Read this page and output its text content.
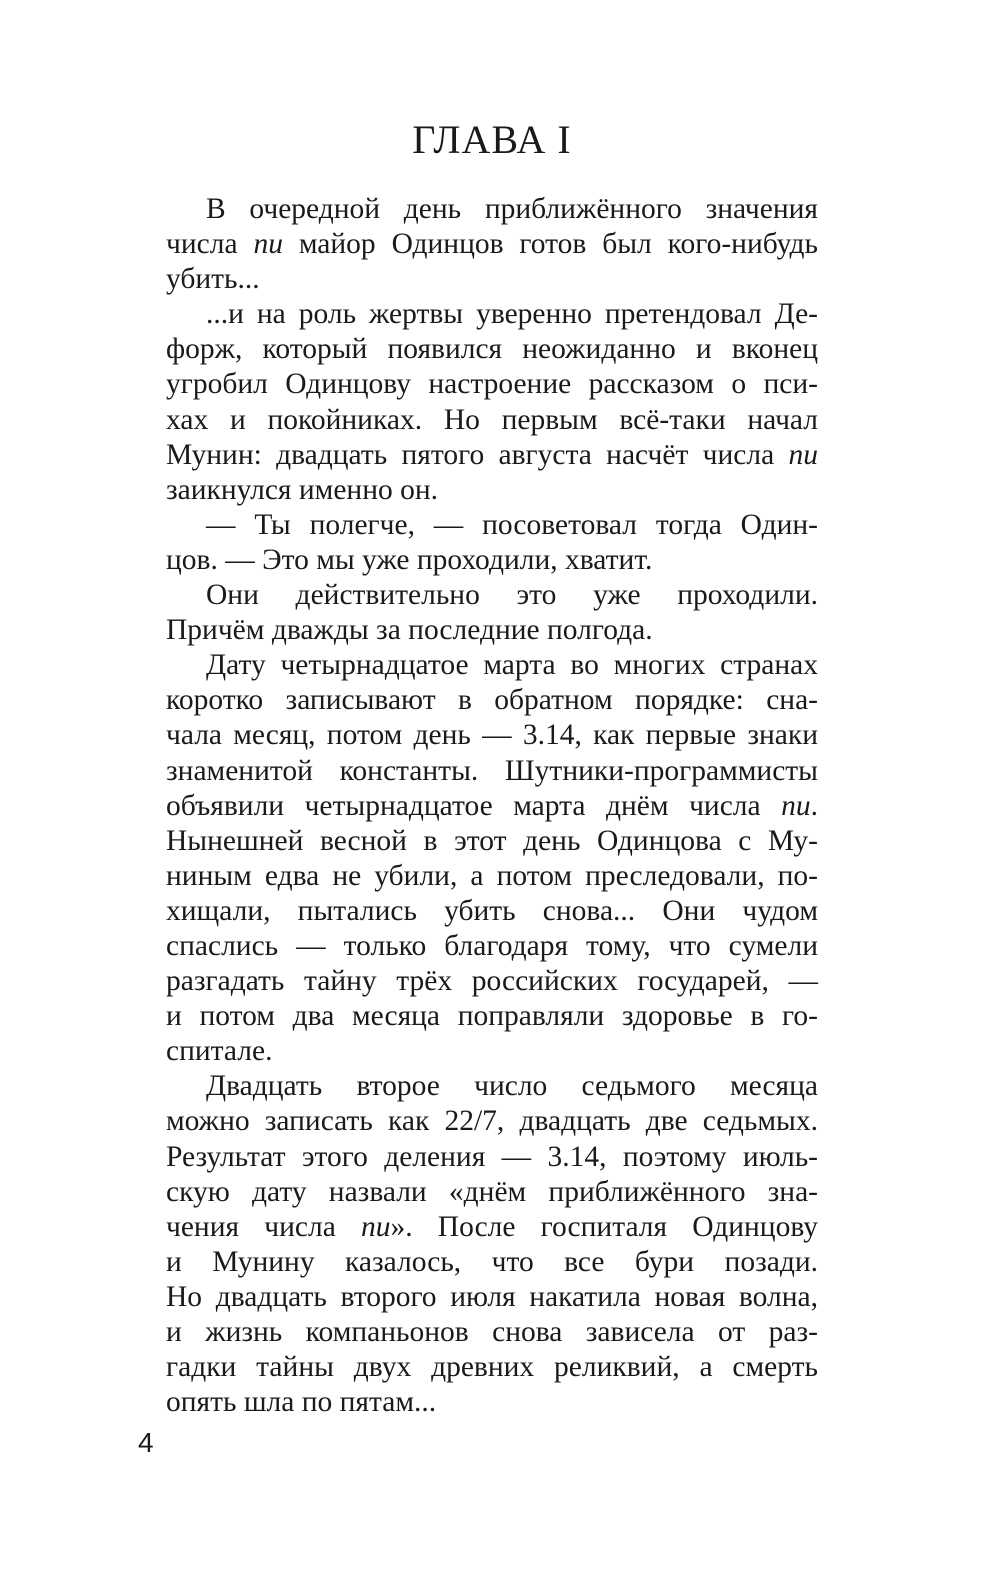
ГЛАВА I
В очередной день приближённого значения
числа пи майор Одинцов готов был кого-нибудь
убить...
...и на роль жертвы уверенно претендовал Де-
форж, который появился неожиданно и вконец
угробил Одинцову настроение рассказом о пси-
хах и покойниках. Но первым всё-таки начал
Мунин: двадцать пятого августа насчёт числа пи
заикнулся именно он.
— Ты полегче, — посоветовал тогда Один-
цов. — Это мы уже проходили, хватит.
Они действительно это уже проходили.
Причём дважды за последние полгода.
Дату четырнадцатое марта во многих странах
коротко записывают в обратном порядке: сна-
чала месяц, потом день — 3.14, как первые знаки
знаменитой константы. Шутники-программисты
объявили четырнадцатое марта днём числа пи.
Нынешней весной в этот день Одинцова с Му-
ниным едва не убили, а потом преследовали, по-
хищали, пытались убить снова... Они чудом
спаслись — только благодаря тому, что сумели
разгадать тайну трёх российских государей, —
и потом два месяца поправляли здоровье в го-
спитале.
Двадцать второе число седьмого месяца
можно записать как 22/7, двадцать две седьмых.
Результат этого деления — 3.14, поэтому июль-
скую дату назвали «днём приближённого зна-
чения числа пи». После госпиталя Одинцову
и Мунину казалось, что все бури позади.
Но двадцать второго июля накатила новая волна,
и жизнь компаньонов снова зависела от раз-
гадки тайны двух древних реликвий, а смерть
опять шла по пятам...
4
